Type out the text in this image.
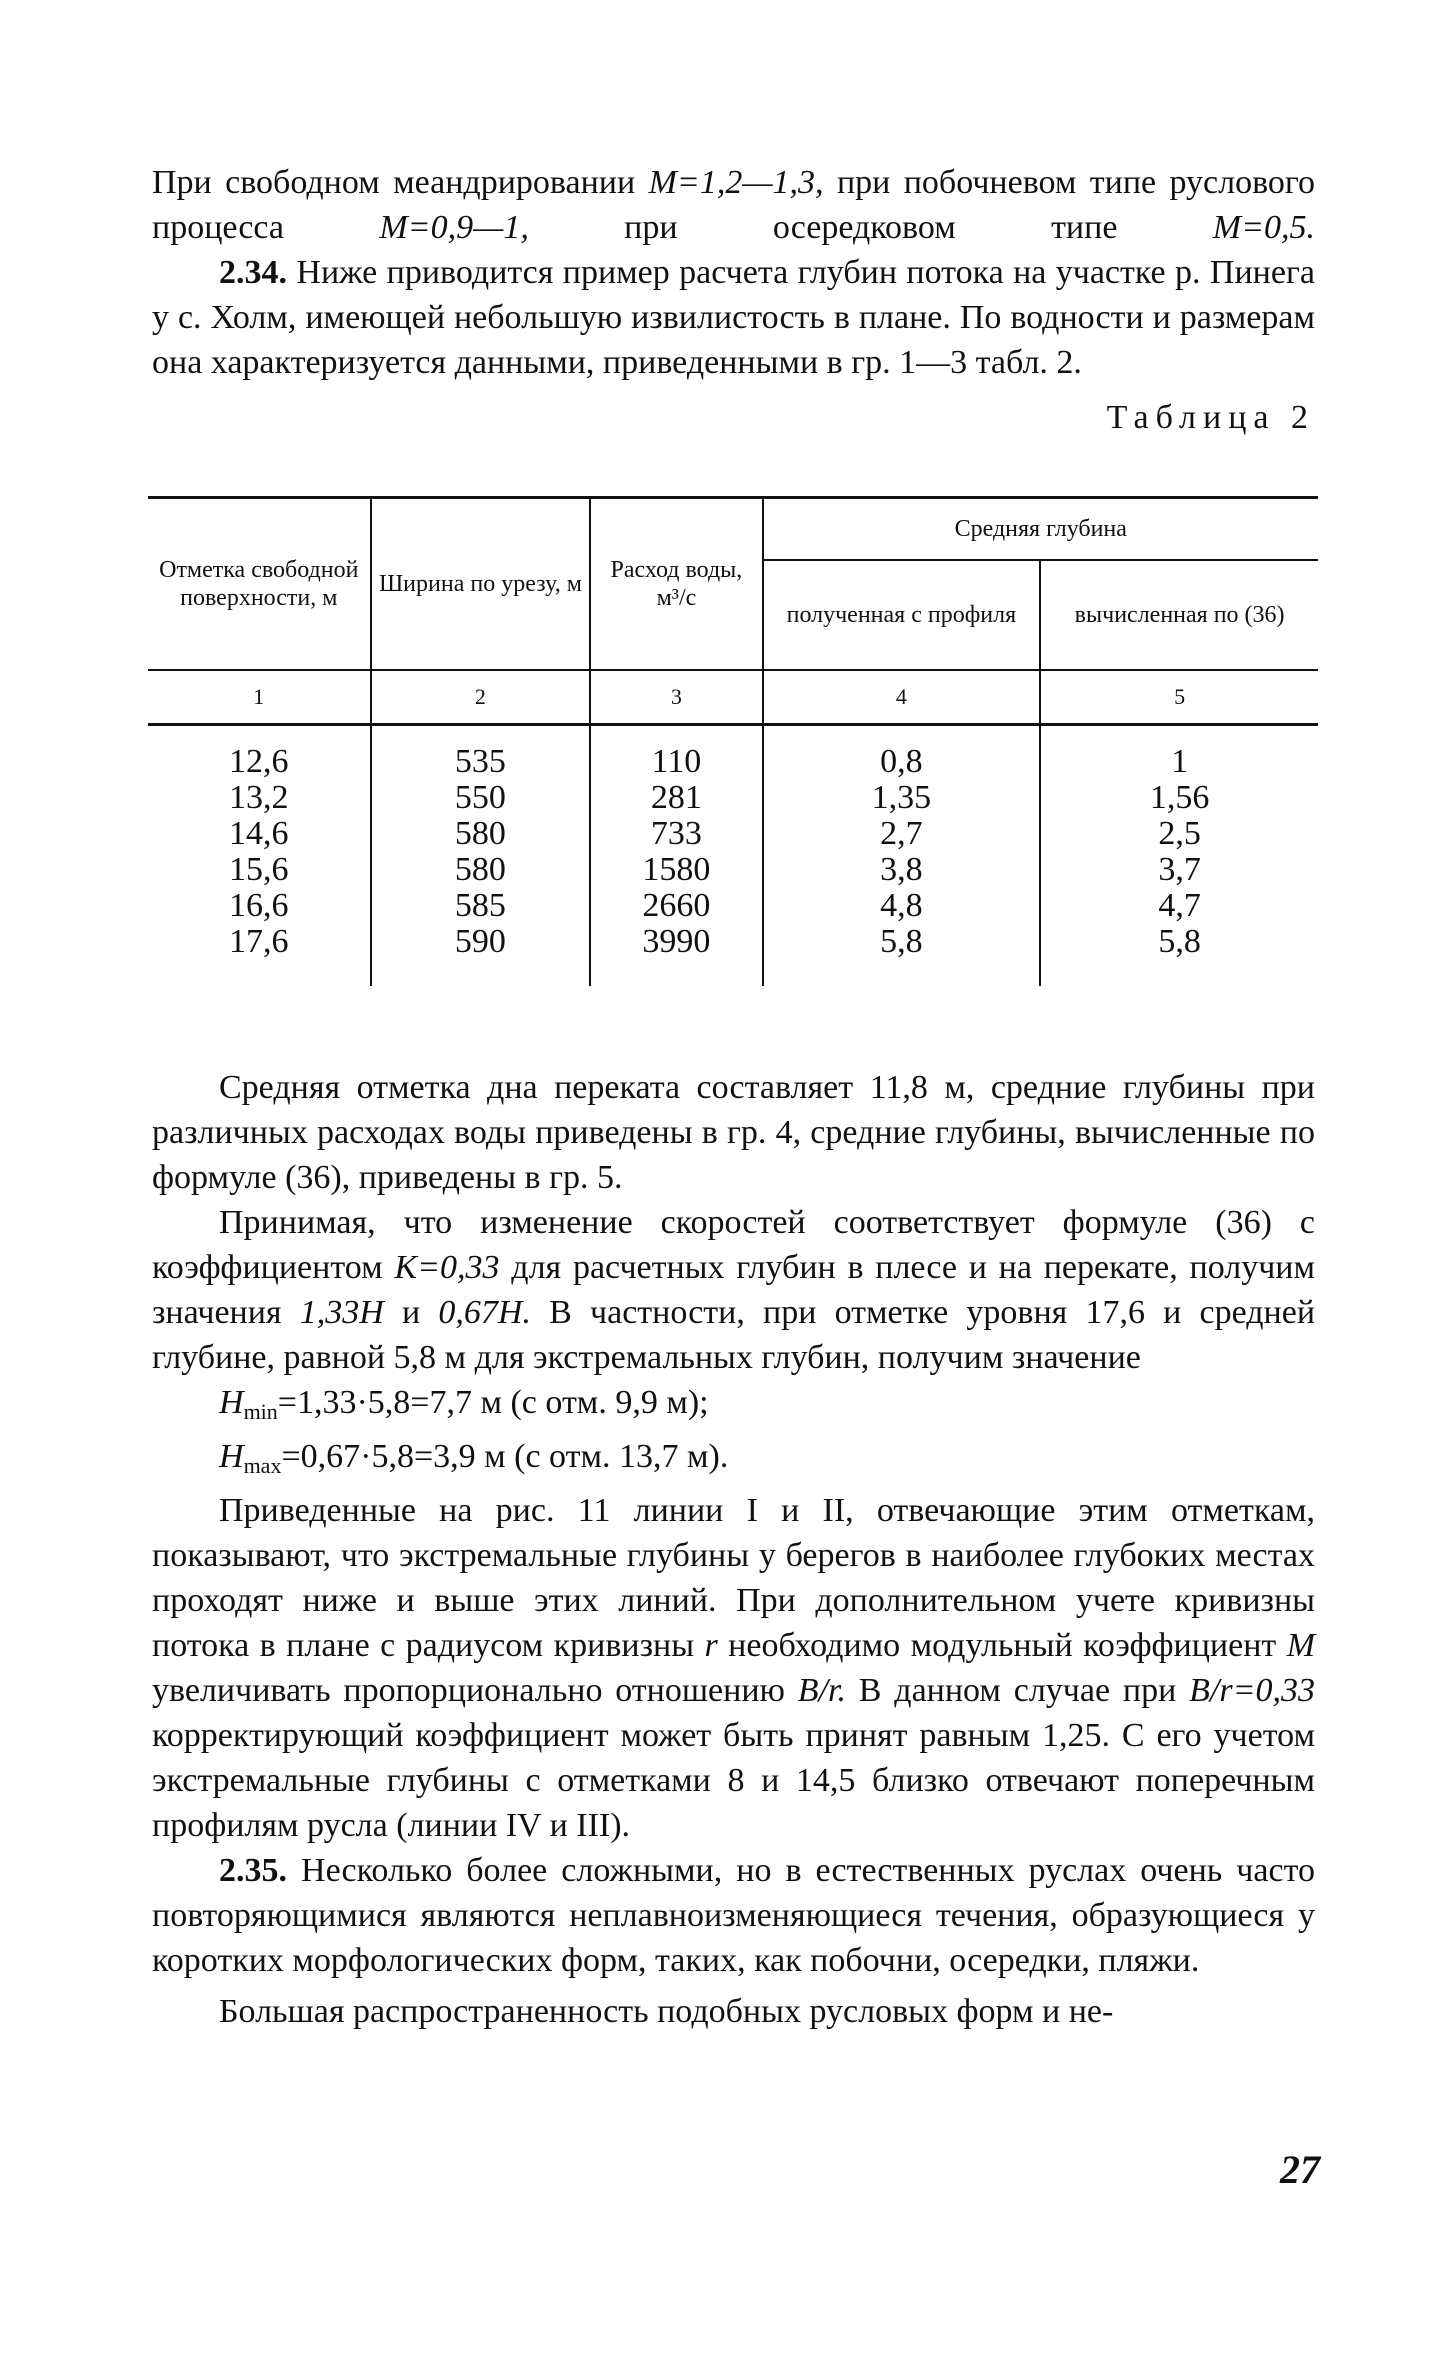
При свободном меандрировании M=1,2—1,3, при побочневом типе руслового процесса	M=0,9—1,	при осередковом типе	M=0,5.

2.34. Ниже приводится пример расчета глубин потока на участке р. Пинега у с. Холм, имеющей небольшую извилистость в плане. По водности и размерам она характеризуется данными, приведенными в гр. 1—3 табл. 2.

Таблица 2

Отметка свободной поверхности, м	Ширина по урезу, м	Расход воды, м³/с	Средняя глубина	
			полученная с профиля	вычисленная по (36)
1	2	3	4	5

12,6	535	110	0,8	1
13,2	550	281	1,35	1,56
14,6	580	733	2,7	2,5
15,6	580	1580	3,8	3,7
16,6	585	2660	4,8	4,7
17,6	590	3990	5,8	5,8

Средняя отметка дна переката составляет 11,8 м, средние глубины при различных расходах воды приведены в гр. 4, средние глубины, вычисленные по формуле (36), приведены в гр. 5.

Принимая, что изменение скоростей соответствует формуле (36) с коэффициентом K=0,33 для расчетных глубин в плесе и на перекате, получим значения 1,33H и 0,67H. В частности, при отметке уровня 17,6 и средней глубине, равной 5,8 м для экстремальных глубин, получим значение

$H_{min}=1,33\cdot 5,8=7,7$ м (с отм. 9,9 м);

$H_{max}=0,67\cdot 5,8=3,9$ м (с отм. 13,7 м).

Приведенные на рис. 11 линии I и II, отвечающие этим отметкам, показывают, что экстремальные глубины у берегов в наиболее глубоких местах проходят ниже и выше этих линий. При дополнительном учете кривизны потока в плане с радиусом кривизны r необходимо модульный коэффициент M увеличивать пропорционально отношению B/r. В данном случае при B/r=0,33 корректирующий коэффициент может быть принят равным 1,25. С его учетом экстремальные глубины с отметками 8 и 14,5 близко отвечают поперечным профилям русла (линии IV и III).

2.35. Несколько более сложными, но в естественных руслах очень часто повторяющимися являются неплавноизменяющиеся течения, образующиеся у коротких морфологических форм, таких, как побочни, осередки, пляжи.

Большая распространенность подобных русловых форм и не-

27
